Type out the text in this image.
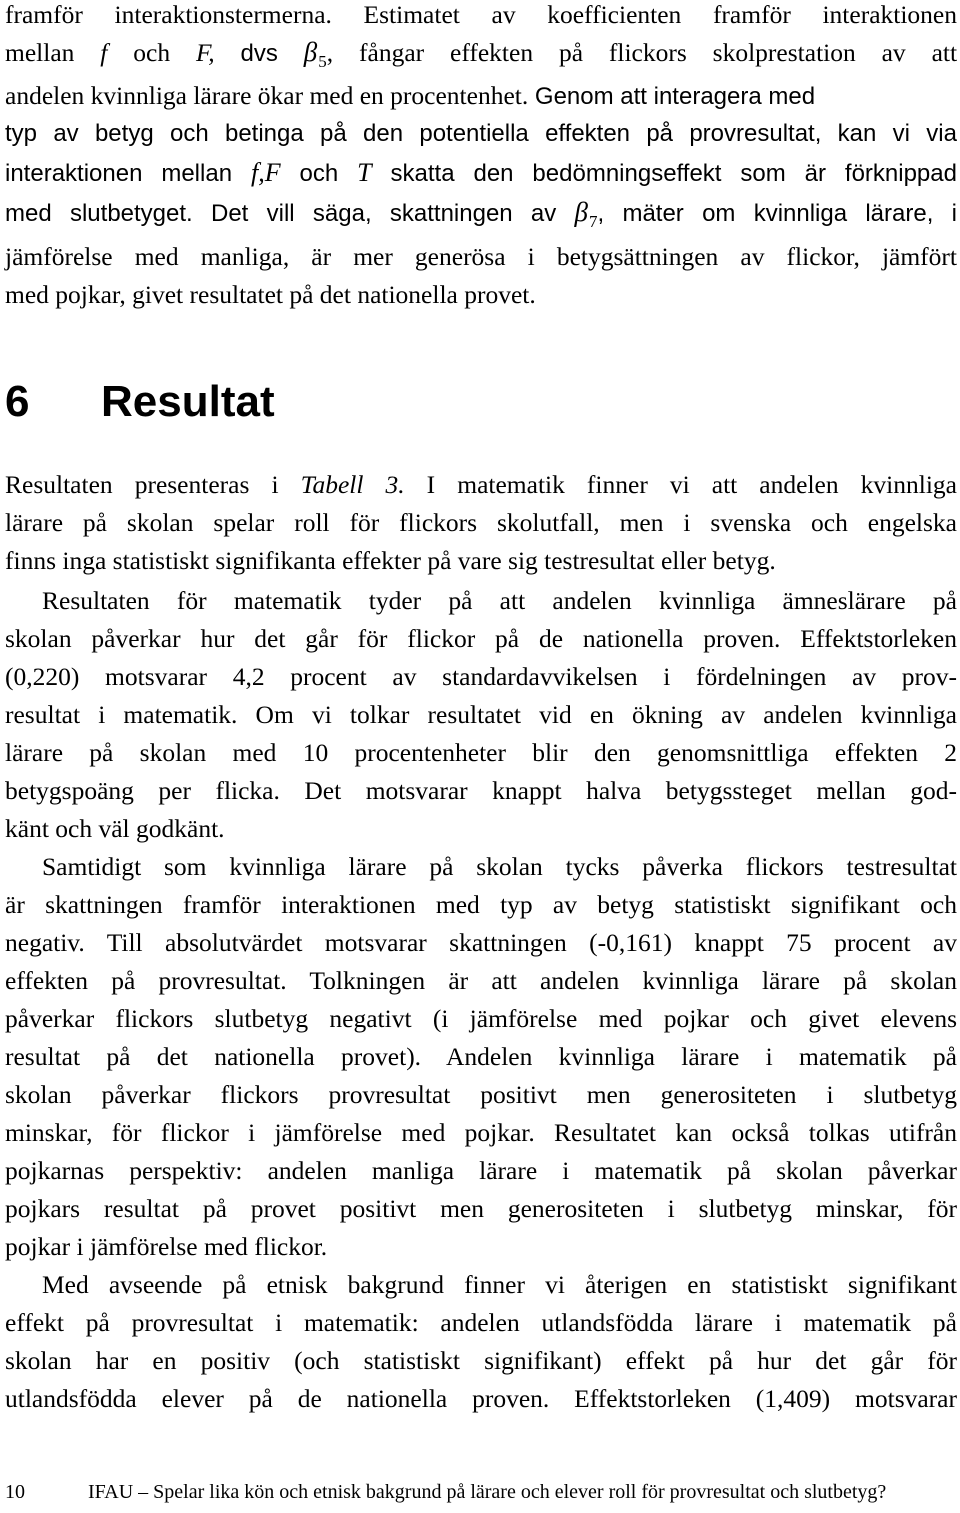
framför interaktionstermerna. Estimatet av koefficienten framför interaktionen
mellan f och F, dvs $\beta_5$, fångar effekten på flickors skolprestation av att
andelen kvinnliga lärare ökar med en procentenhet. Genom att interagera med
typ av betyg och betinga på den potentiella effekten på provresultat, kan vi via
interaktionen mellan f,F och T skatta den bedömningseffekt som är förknippad
med slutbetyget. Det vill säga, skattningen av $\beta_7$, mäter om kvinnliga lärare, i
jämförelse med manliga, är mer generösa i betygsättningen av flickor, jämfört
med pojkar, givet resultatet på det nationella provet.
6 Resultat
Resultaten presenteras i Tabell 3. I matematik finner vi att andelen kvinnliga
lärare på skolan spelar roll för flickors skolutfall, men i svenska och engelska
finns inga statistiskt signifikanta effekter på vare sig testresultat eller betyg.
Resultaten för matematik tyder på att andelen kvinnliga ämneslärare på
skolan påverkar hur det går för flickor på de nationella proven. Effektstorleken
(0,220) motsvarar 4,2 procent av standardavvikelsen i fördelningen av prov-
resultat i matematik. Om vi tolkar resultatet vid en ökning av andelen kvinnliga
lärare på skolan med 10 procentenheter blir den genomsnittliga effekten 2
betygspoäng per flicka. Det motsvarar knappt halva betygssteget mellan god-
känt och väl godkänt.
Samtidigt som kvinnliga lärare på skolan tycks påverka flickors testresultat
är skattningen framför interaktionen med typ av betyg statistiskt signifikant och
negativ. Till absolutvärdet motsvarar skattningen (-0,161) knappt 75 procent av
effekten på provresultat. Tolkningen är att andelen kvinnliga lärare på skolan
påverkar flickors slutbetyg negativt (i jämförelse med pojkar och givet elevens
resultat på det nationella provet). Andelen kvinnliga lärare i matematik på
skolan påverkar flickors provresultat positivt men generositeten i slutbetyg
minskar, för flickor i jämförelse med pojkar. Resultatet kan också tolkas utifrån
pojkarnas perspektiv: andelen manliga lärare i matematik på skolan påverkar
pojkars resultat på provet positivt men generositeten i slutbetyg minskar, för
pojkar i jämförelse med flickor.
Med avseende på etnisk bakgrund finner vi återigen en statistiskt signifikant
effekt på provresultat i matematik: andelen utlandsfödda lärare i matematik på
skolan har en positiv (och statistiskt signifikant) effekt på hur det går för
utlandsfödda elever på de nationella proven. Effektstorleken (1,409) motsvarar
10	IFAU – Spelar lika kön och etnisk bakgrund på lärare och elever roll för provresultat och slutbetyg?
